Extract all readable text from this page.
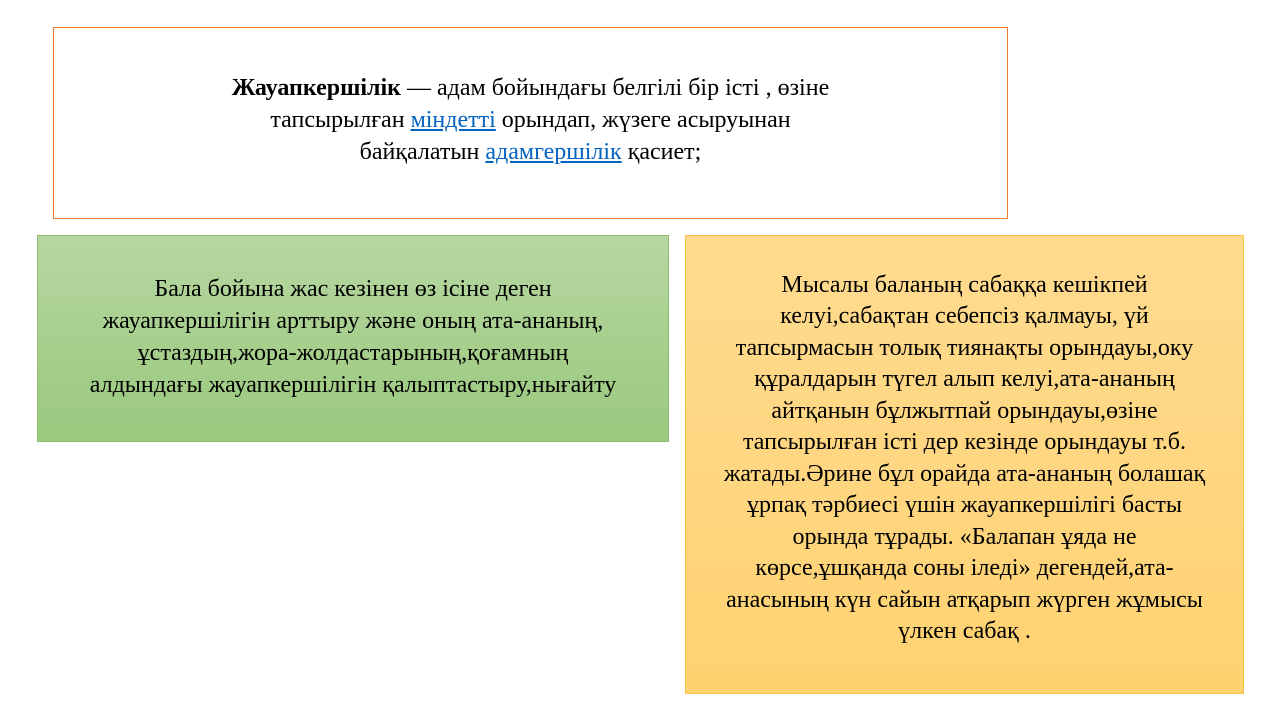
Жауапкершілік — адам бойындағы белгілі бір істі , өзіне
тапсырылған міндетті орындап, жүзеге асыруынан
байқалатын адамгершілік қасиет;
Бала бойына жас кезінен өз ісіне деген
жауапкершілігін арттыру және оның ата-ананың,
ұстаздың,жора-жолдастарының,қоғамның
алдындағы жауапкершілігін қалыптастыру,нығайту
Мысалы баланың сабаққа кешікпей
келуі,сабақтан себепсіз қалмауы, үй
тапсырмасын толық тиянақты орындауы,оку
құралдарын түгел алып келуі,ата-ананың
айтқанын бұлжытпай орындауы,өзіне
тапсырылған істі дер кезінде орындауы т.б.
жатады.Әрине бұл орайда ата-ананың болашақ
ұрпақ тәрбиесі үшін жауапкершілігі басты
орында тұрады. «Балапан ұяда не
көрсе,ұшқанда соны іледі» дегендей,ата-
анасының күн сайын атқарып жүрген жұмысы
үлкен сабақ .
